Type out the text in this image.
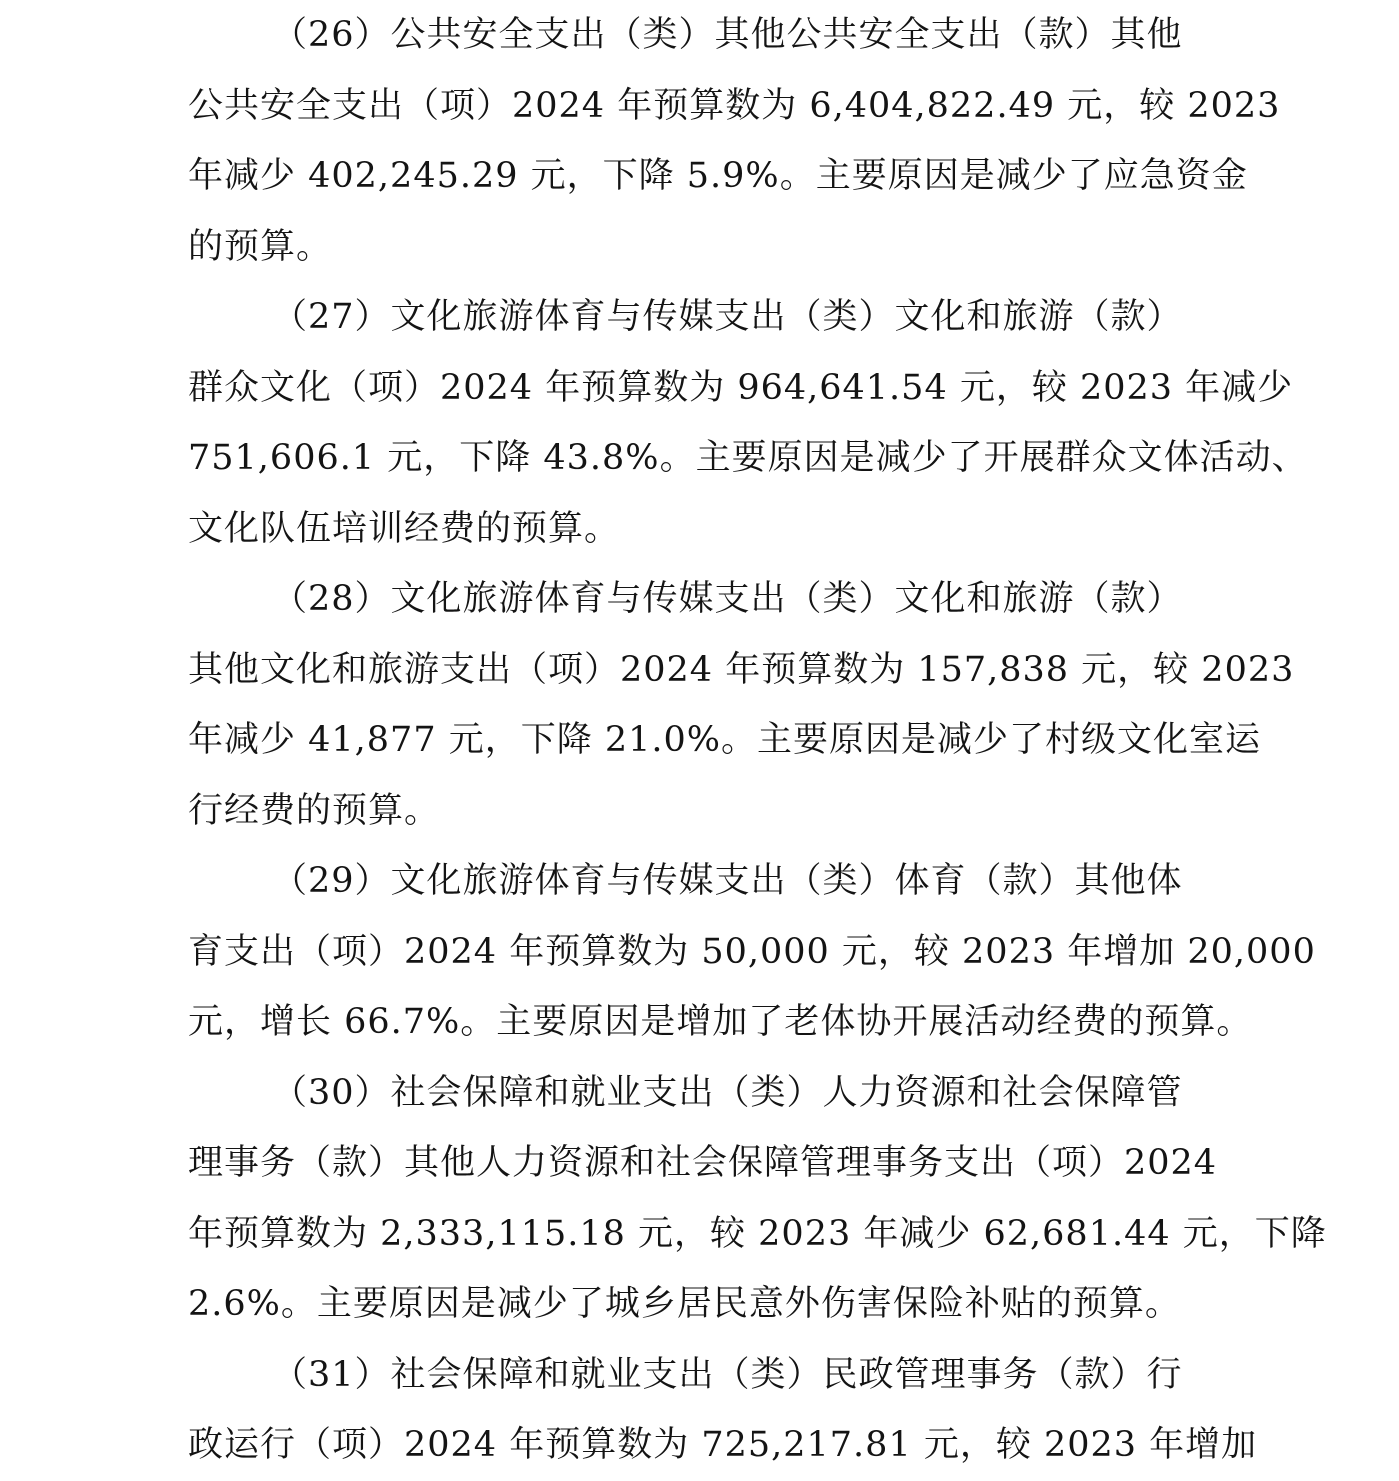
（26）公共安全支出（类）其他公共安全支出（款）其他
公共安全支出（项）2024 年预算数为 6,404,822.49 元，较 2023
年减少 402,245.29 元，下降 5.9%。主要原因是减少了应急资金
的预算。
（27）文化旅游体育与传媒支出（类）文化和旅游（款）
群众文化（项）2024 年预算数为 964,641.54 元，较 2023 年减少
751,606.1 元，下降 43.8%。主要原因是减少了开展群众文体活动、
文化队伍培训经费的预算。
（28）文化旅游体育与传媒支出（类）文化和旅游（款）
其他文化和旅游支出（项）2024 年预算数为 157,838 元，较 2023
年减少 41,877 元，下降 21.0%。主要原因是减少了村级文化室运
行经费的预算。
（29）文化旅游体育与传媒支出（类）体育（款）其他体
育支出（项）2024 年预算数为 50,000 元，较 2023 年增加 20,000
元，增长 66.7%。主要原因是增加了老体协开展活动经费的预算。
（30）社会保障和就业支出（类）人力资源和社会保障管
理事务（款）其他人力资源和社会保障管理事务支出（项）2024
年预算数为 2,333,115.18 元，较 2023 年减少 62,681.44 元，下降
2.6%。主要原因是减少了城乡居民意外伤害保险补贴的预算。
（31）社会保障和就业支出（类）民政管理事务（款）行
政运行（项）2024 年预算数为 725,217.81 元，较 2023 年增加
